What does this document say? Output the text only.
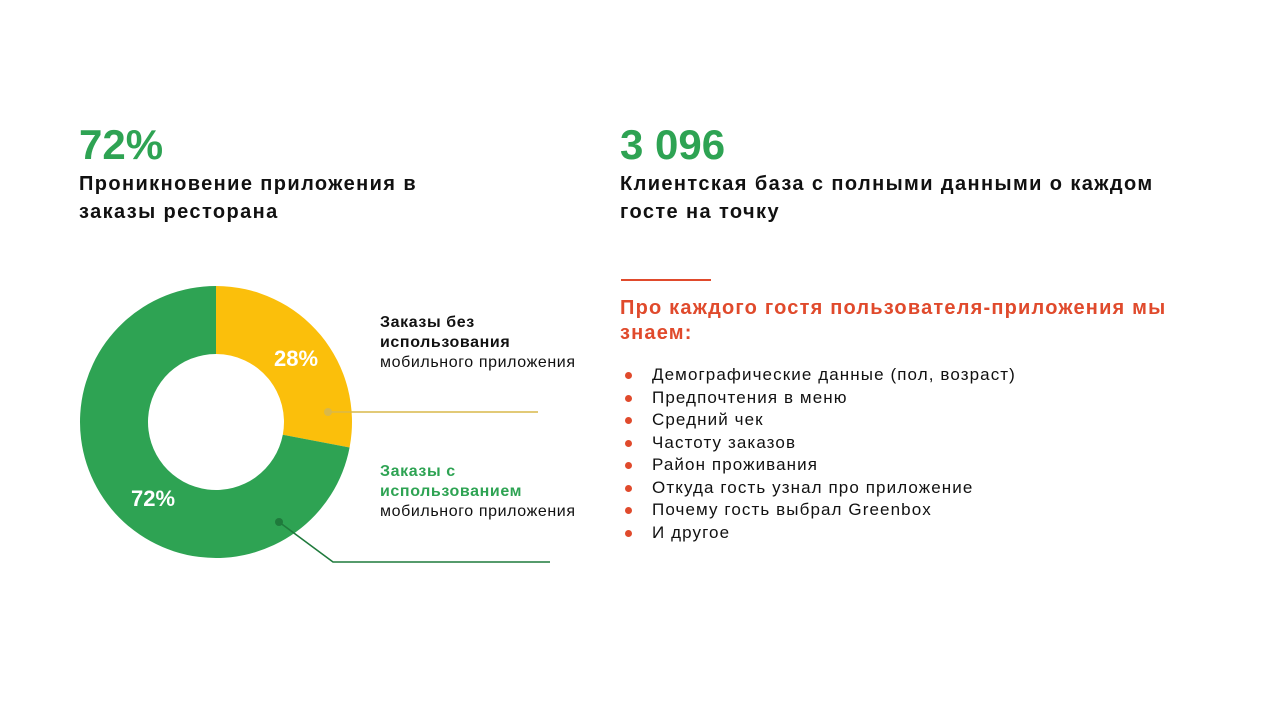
72%
Проникновение приложения в заказы ресторана
3 096
Клиентская база с полными данными о каждом госте на точку
28%
72%
Заказы без использования
мобильного приложения
Заказы с использованием
мобильного приложения
Про каждого гостя пользователя-приложения мы знаем:
Демографические данные (пол, возраст)
Предпочтения в меню
Средний чек
Частоту заказов
Район проживания
Откуда гость узнал про приложение
Почему гость выбрал Greenbox
И другое
